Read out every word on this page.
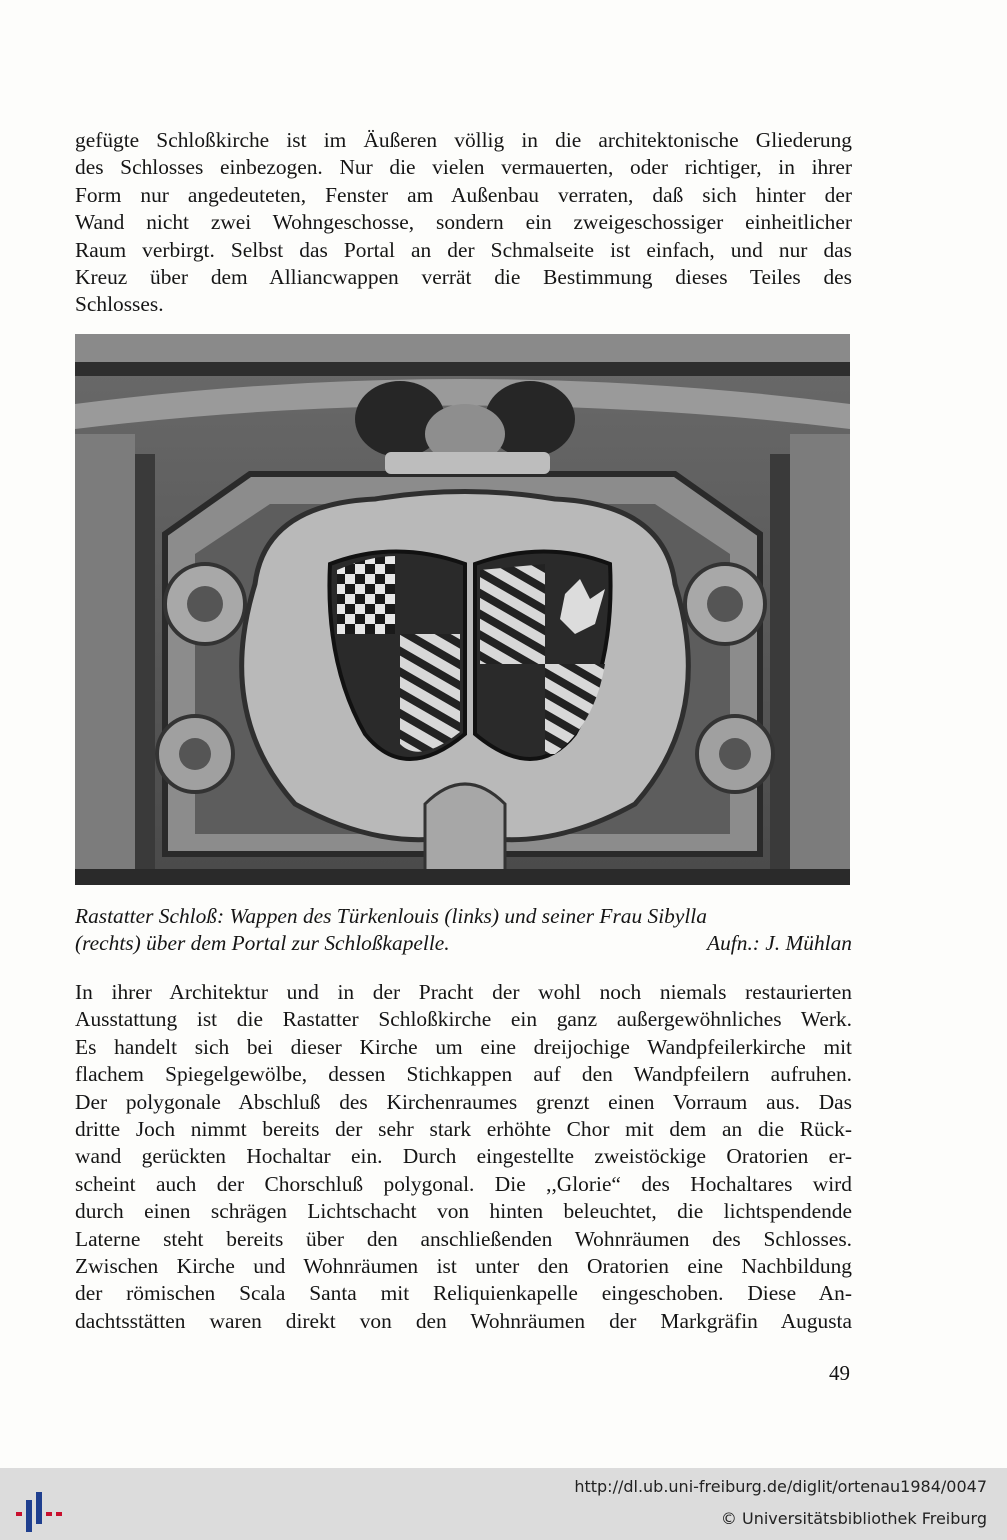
gefügte Schloßkirche ist im Äußeren völlig in die architektonische Gliederung
des Schlosses einbezogen. Nur die vielen vermauerten, oder richtiger, in ihrer
Form nur angedeuteten, Fenster am Außenbau verraten, daß sich hinter der
Wand nicht zwei Wohngeschosse, sondern ein zweigeschossiger einheitlicher
Raum verbirgt. Selbst das Portal an der Schmalseite ist einfach, und nur das
Kreuz über dem Alliancwappen verrät die Bestimmung dieses Teiles des
Schlosses.
Rastatter Schloß: Wappen des Türkenlouis (links) und seiner Frau Sibylla
(rechts) über dem Portal zur Schloßkapelle.	Aufn.: J. Mühlan
In ihrer Architektur und in der Pracht der wohl noch niemals restaurierten
Ausstattung ist die Rastatter Schloßkirche ein ganz außergewöhnliches Werk.
Es handelt sich bei dieser Kirche um eine dreijochige Wandpfeilerkirche mit
flachem Spiegelgewölbe, dessen Stichkappen auf den Wandpfeilern aufruhen.
Der polygonale Abschluß des Kirchenraumes grenzt einen Vorraum aus. Das
dritte Joch nimmt bereits der sehr stark erhöhte Chor mit dem an die Rück-
wand gerückten Hochaltar ein. Durch eingestellte zweistöckige Oratorien er-
scheint auch der Chorschluß polygonal. Die ,,Glorie“ des Hochaltares wird
durch einen schrägen Lichtschacht von hinten beleuchtet, die lichtspendende
Laterne steht bereits über den anschließenden Wohnräumen des Schlosses.
Zwischen Kirche und Wohnräumen ist unter den Oratorien eine Nachbildung
der römischen Scala Santa mit Reliquienkapelle eingeschoben. Diese An-
dachtsstätten waren direkt von den Wohnräumen der Markgräfin Augusta
49
http://dl.ub.uni-freiburg.de/diglit/ortenau1984/0047
© Universitätsbibliothek Freiburg
